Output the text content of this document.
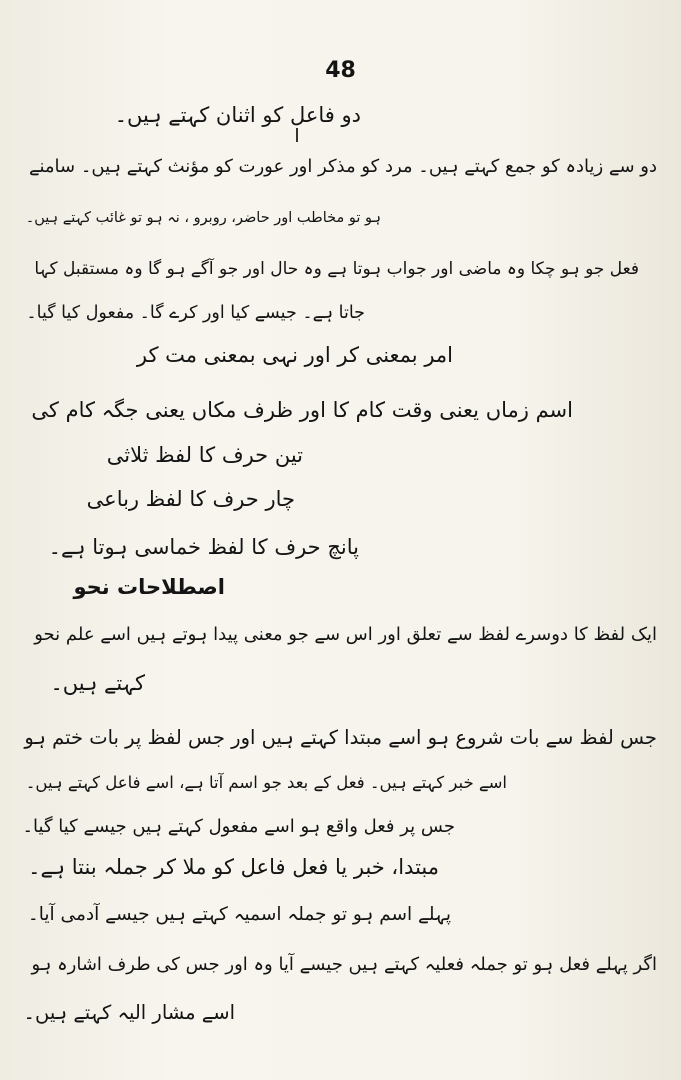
48
دو فاعل کو اثنان کہتے ہیں۔
دو سے زیادہ کو جمع کہتے ہیں۔ مرد کو مذکر اور عورت کو مؤنث کہتے ہیں۔ سامنے
ہو تو مخاطب اور حاضر، روبرو ، نہ ہو تو غائب کہتے ہیں۔
فعل جو ہو چکا وہ ماضی اور جواب ہوتا ہے وہ حال اور جو آگے ہو گا وہ مستقبل کہا
جاتا ہے۔ جیسے کیا اور کرے گا۔ مفعول کیا گیا۔
امر بمعنی کر اور نہی بمعنی مت کر
اسم زماں یعنی وقت کام کا اور ظرف مکاں یعنی جگہ کام کی
تین حرف کا لفظ ثلاثی
چار حرف کا لفظ رباعی
پانچ حرف کا لفظ خماسی ہوتا ہے۔
اصطلاحات نحو
ایک لفظ کا دوسرے لفظ سے تعلق اور اس سے جو معنی پیدا ہوتے ہیں اسے علم نحو
کہتے ہیں۔
جس لفظ سے بات شروع ہو اسے مبتدا کہتے ہیں اور جس لفظ پر بات ختم ہو
اسے خبر کہتے ہیں۔ فعل کے بعد جو اسم آتا ہے، اسے فاعل کہتے ہیں۔
جس پر فعل واقع ہو اسے مفعول کہتے ہیں جیسے کیا گیا۔
مبتدا، خبر یا فعل فاعل کو ملا کر جملہ بنتا ہے۔
پہلے اسم ہو تو جملہ اسمیہ کہتے ہیں جیسے آدمی آیا۔
اگر پہلے فعل ہو تو جملہ فعلیہ کہتے ہیں جیسے آیا وہ اور جس کی طرف اشارہ ہو
اسے مشار الیہ کہتے ہیں۔
